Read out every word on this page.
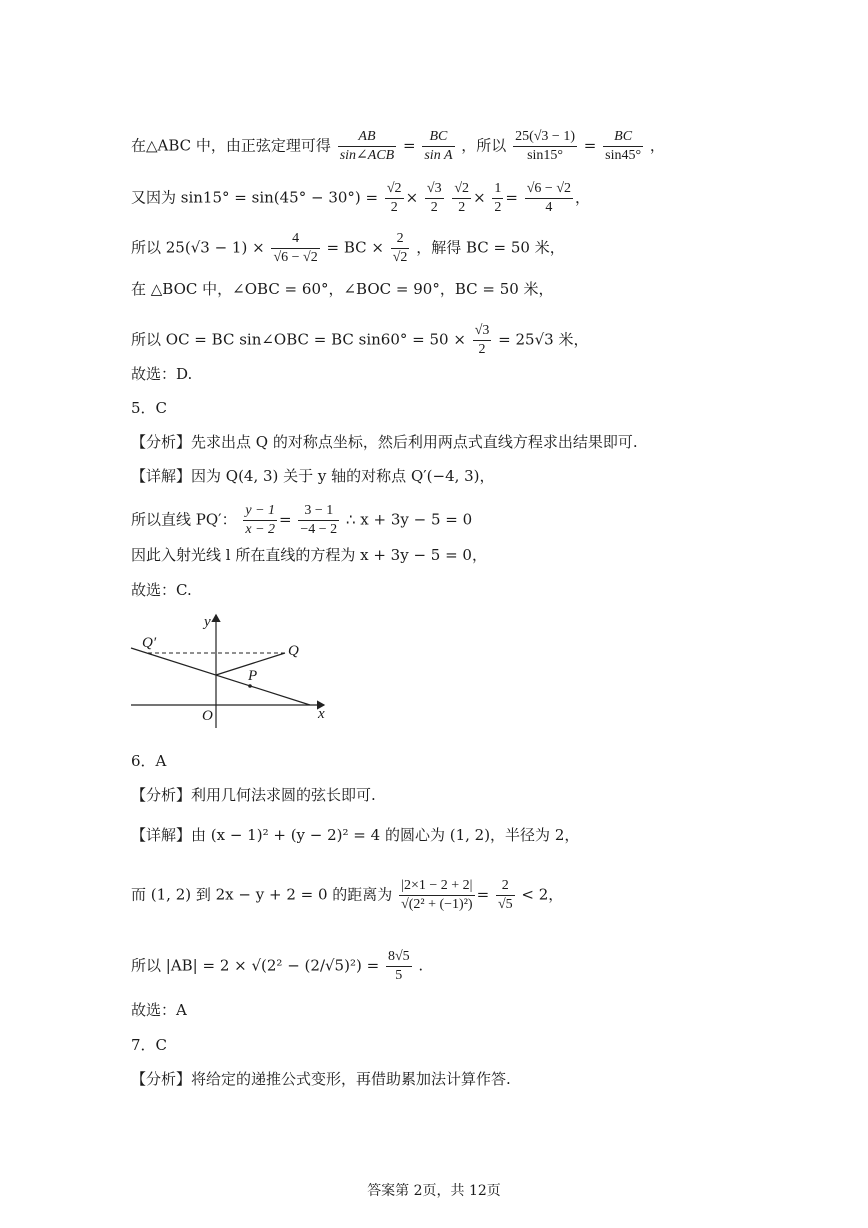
在△ABC 中，由正弦定理可得 $\frac{AB}{\text{sin∠ACB}} = \frac{BC}{\text{sin A}}$ ，所以 $\frac{25(√3 - 1)}{\sin 15^\circ} = \frac{BC}{\sin 45^\circ}$ ，
又因为 $\sin 15^\circ = \sin(45^\circ - 30^\circ) = \frac{√2}{2} \times \frac{√3}{2}$
$\frac{√2}{2} \times \frac{1}{2} = \frac{√6 - √2}{4}$ ，
所以 $25(√3 - 1) \times \frac{4}{√6 - √2}$ = BC × $\frac{2}{√2}$ ，解得 BC = 50 米，
在 △BOC 中，∠OBC = 60°，∠BOC = 90°，BC = 50 米，
所以 OC = BC sin∠OBC = BC $\sin 60^\circ = 50 \times \frac{√3}{2} = 25√3$ 米，
故选：D.
5．C
【分析】先求出点 Q 的对称点坐标，然后利用两点式直线方程求出结果即可.
【详解】因为 Q(4, 3) 关于 y 轴的对称点 Q′(−4, 3)，
所以直线 PQ′： $\frac{y - 1}{x - 2} = \frac{3 - 1}{-4 - 2}$ ∴ x + 3y − 5 = 0
因此入射光线 l 所在直线的方程为 x + 3y − 5 = 0，
故选：C.
y
x
O
Q′	Q
P
6．A
【分析】利用几何法求圆的弦长即可.
【详解】由 (x − 1)² + (y − 2)² = 4 的圆心为 (1, 2)，半径为 2，
而 (1, 2) 到 2x − y + 2 = 0 的距离为 $\frac{|2\times 1 - 2 + 2|}{\text{√(2² + (−1)²)}} = \frac{2}{√5} < 2$，
所以 $|AB| = 2 \times √(2^2 - (2/√5)^2) = \frac{8√5}{5}$ .
故选：A
7．C
【分析】将给定的递推公式变形，再借助累加法计算作答.
答案第 2页，共 12页
